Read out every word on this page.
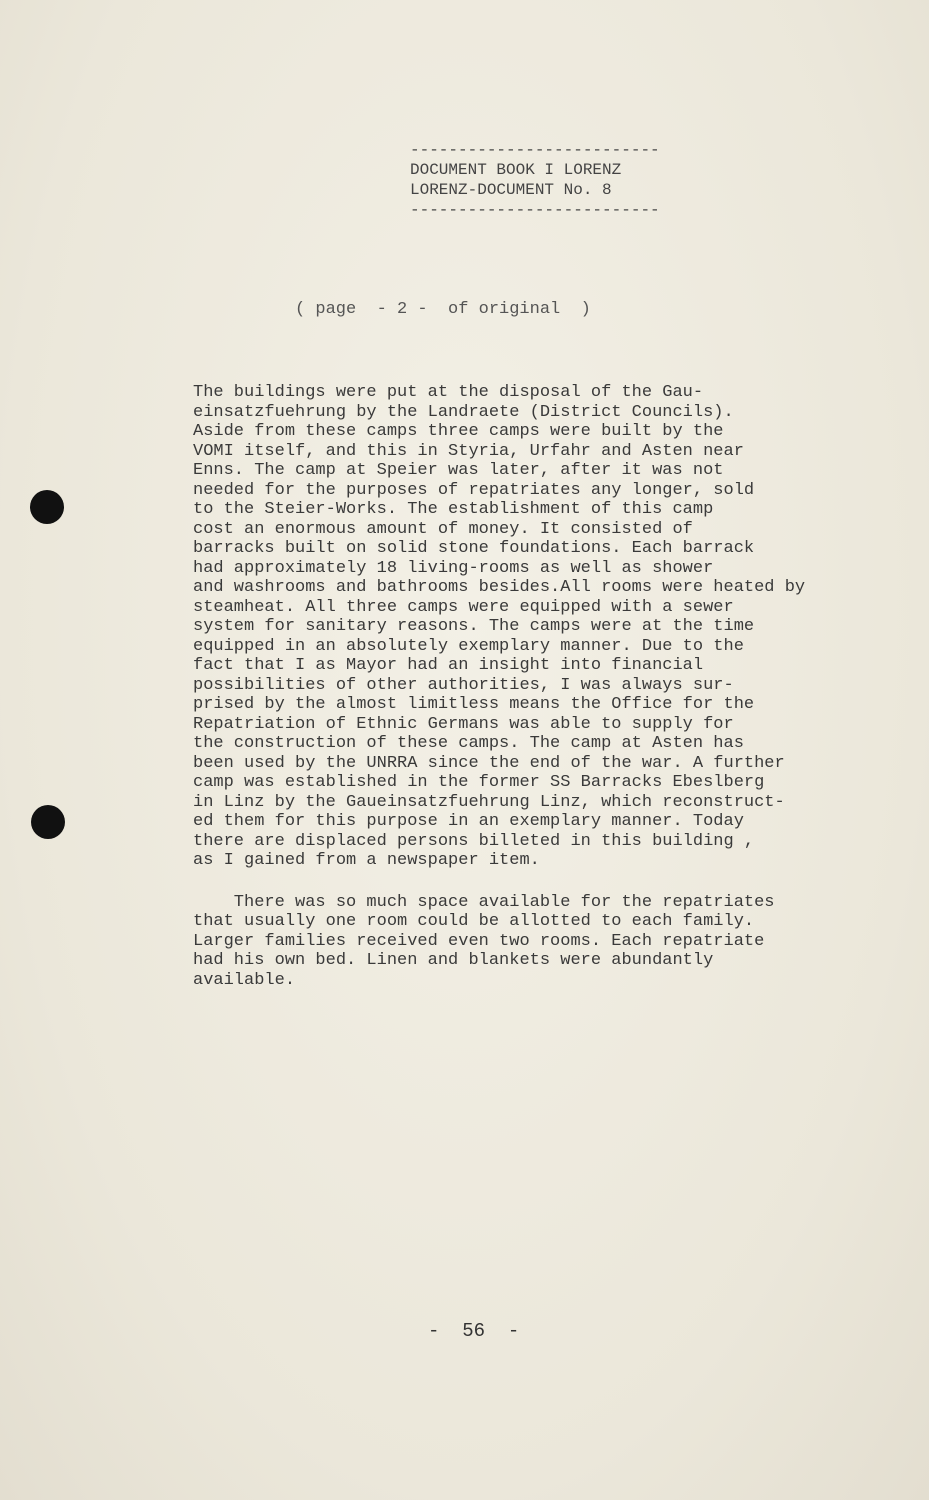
--------------------------
DOCUMENT BOOK I LORENZ
LORENZ-DOCUMENT No. 8
--------------------------
( page  - 2 -  of original  )

The buildings were put at the disposal of the Gau-

einsatzfuehrung by the Landraete (District Councils).

Aside from these camps three camps were built by the

VOMI itself, and this in Styria, Urfahr and Asten near

Enns. The camp at Speier was later, after it was not

needed for the purposes of repatriates any longer, sold

to the Steier-Works. The establishment of this camp

cost an enormous amount of money. It consisted of

barracks built on solid stone foundations. Each barrack

had approximately 18 living-rooms as well as shower

and washrooms and bathrooms besides.All rooms were heated by

steamheat. All three camps were equipped with a sewer

system for sanitary reasons. The camps were at the time

equipped in an absolutely exemplary manner. Due to the

fact that I as Mayor had an insight into financial

possibilities of other authorities, I was always sur-

prised by the almost limitless means the Office for the

Repatriation of Ethnic Germans was able to supply for

the construction of these camps. The camp at Asten has

been used by the UNRRA since the end of the war. A further

camp was established in the former SS Barracks Ebeslberg

in Linz by the Gaueinsatzfuehrung Linz, which reconstruct-

ed them for this purpose in an exemplary manner. Today

there are displaced persons billeted in this building ,

as I gained from a newspaper item.

There was so much space available for the repatriates

that usually one room could be allotted to each family.

Larger families received even two rooms. Each repatriate

had his own bed. Linen and blankets were abundantly

available.

-  56  -
